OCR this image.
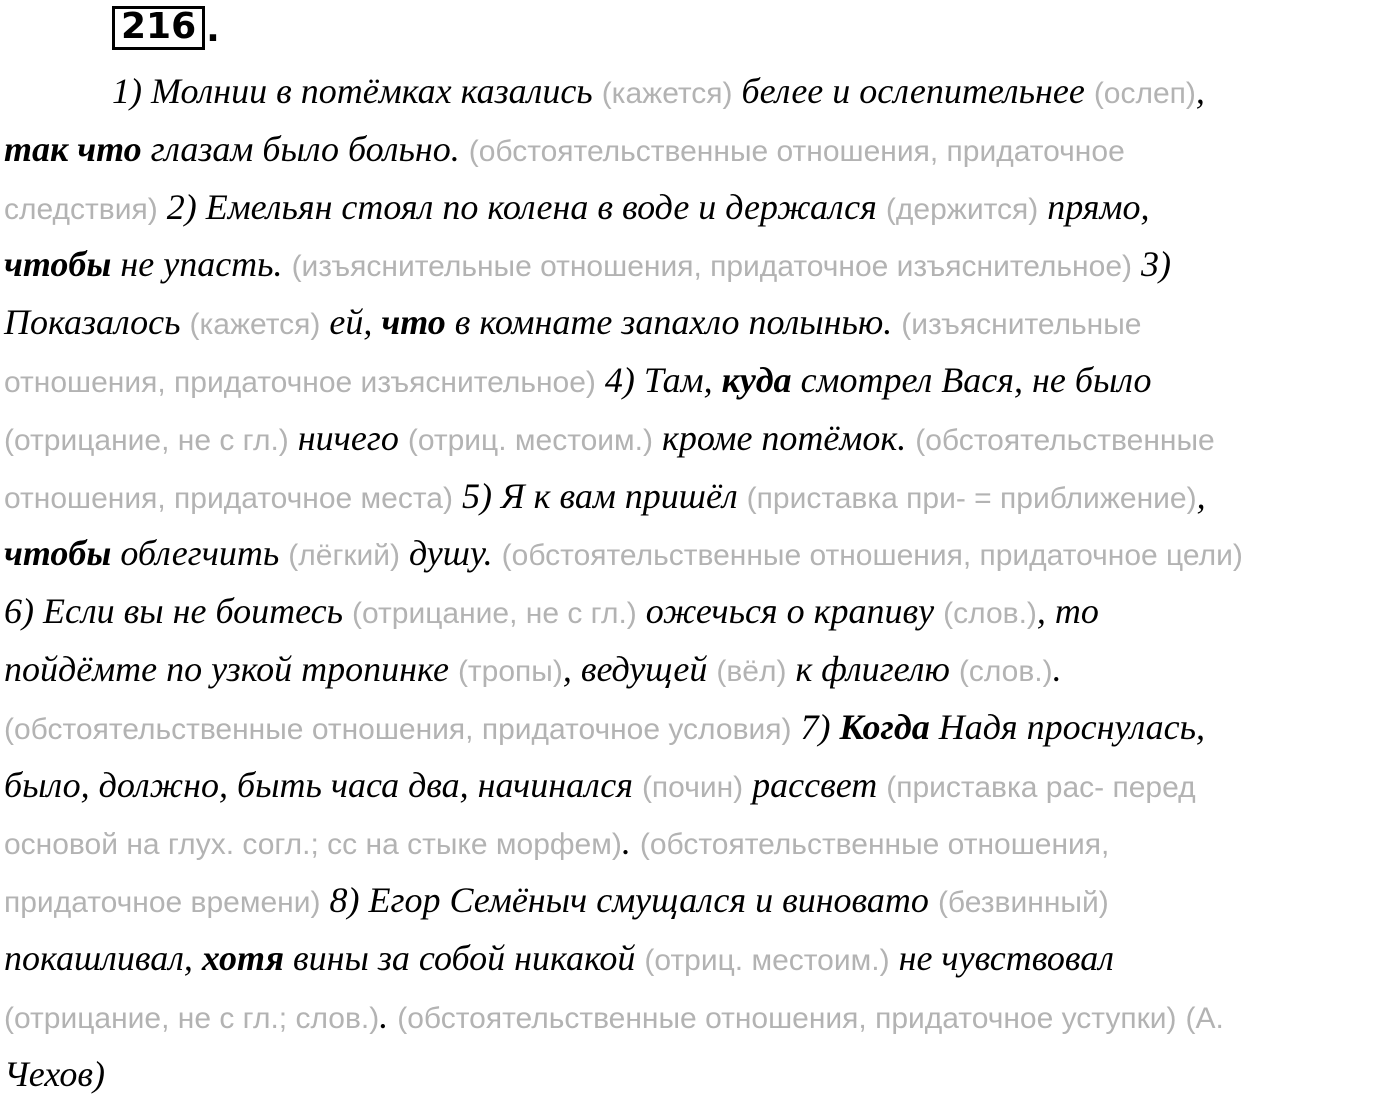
216 .
1) Молнии в потёмках казались (кажется) белее и ослепительнее (ослеп),
так что глазам было больно. (обстоятельственные отношения, придаточное
следствия) 2) Емельян стоял по колена в воде и держался (держится) прямо,
чтобы не упасть. (изъяснительные отношения, придаточное изъяснительное) 3)
Показалось (кажется) ей, что в комнате запахло полынью. (изъяснительные
отношения, придаточное изъяснительное) 4) Там, куда смотрел Вася, не было
(отрицание, не с гл.) ничего (отриц. местоим.) кроме потёмок. (обстоятельственные
отношения, придаточное места) 5) Я к вам пришёл (приставка при- = приближение),
чтобы облегчить (лёгкий) душу. (обстоятельственные отношения, придаточное цели)
6) Если вы не боитесь (отрицание, не с гл.) ожечься о крапиву (слов.), то
пойдёмте по узкой тропинке (тропы), ведущей (вёл) к флигелю (слов.).
(обстоятельственные отношения, придаточное условия) 7) Когда Надя проснулась,
было, должно, быть часа два, начинался (почин) рассвет (приставка рас- перед
основой на глух. согл.; сс на стыке морфем). (обстоятельственные отношения,
придаточное времени) 8) Егор Семёныч смущался и виновато (безвинный)
покашливал, хотя вины за собой никакой (отриц. местоим.) не чувствовал
(отрицание, не с гл.; слов.). (обстоятельственные отношения, придаточное уступки) (А.
Чехов)
